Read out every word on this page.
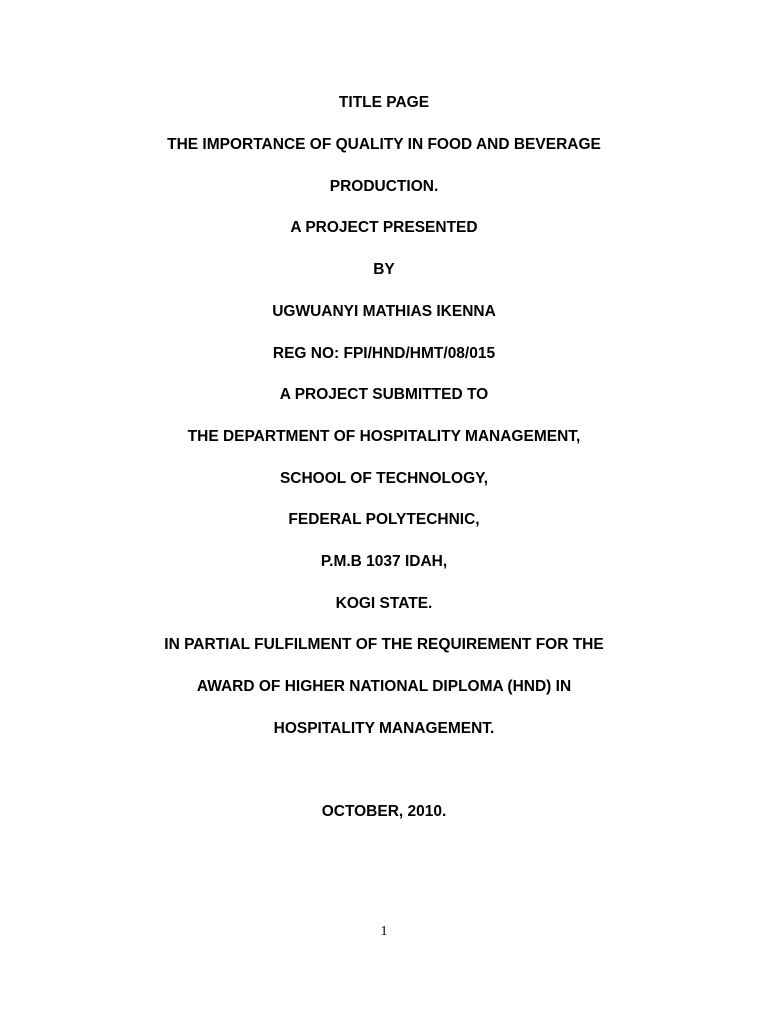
TITLE PAGE
THE IMPORTANCE OF QUALITY IN FOOD AND BEVERAGE
PRODUCTION.
A PROJECT PRESENTED
BY
UGWUANYI MATHIAS IKENNA
REG NO: FPI/HND/HMT/08/015
A PROJECT SUBMITTED TO
THE DEPARTMENT OF HOSPITALITY MANAGEMENT,
SCHOOL OF TECHNOLOGY,
FEDERAL POLYTECHNIC,
P.M.B 1037 IDAH,
KOGI STATE.
IN PARTIAL FULFILMENT OF THE REQUIREMENT FOR THE
AWARD OF HIGHER NATIONAL DIPLOMA (HND) IN
HOSPITALITY MANAGEMENT.
OCTOBER, 2010.
1
